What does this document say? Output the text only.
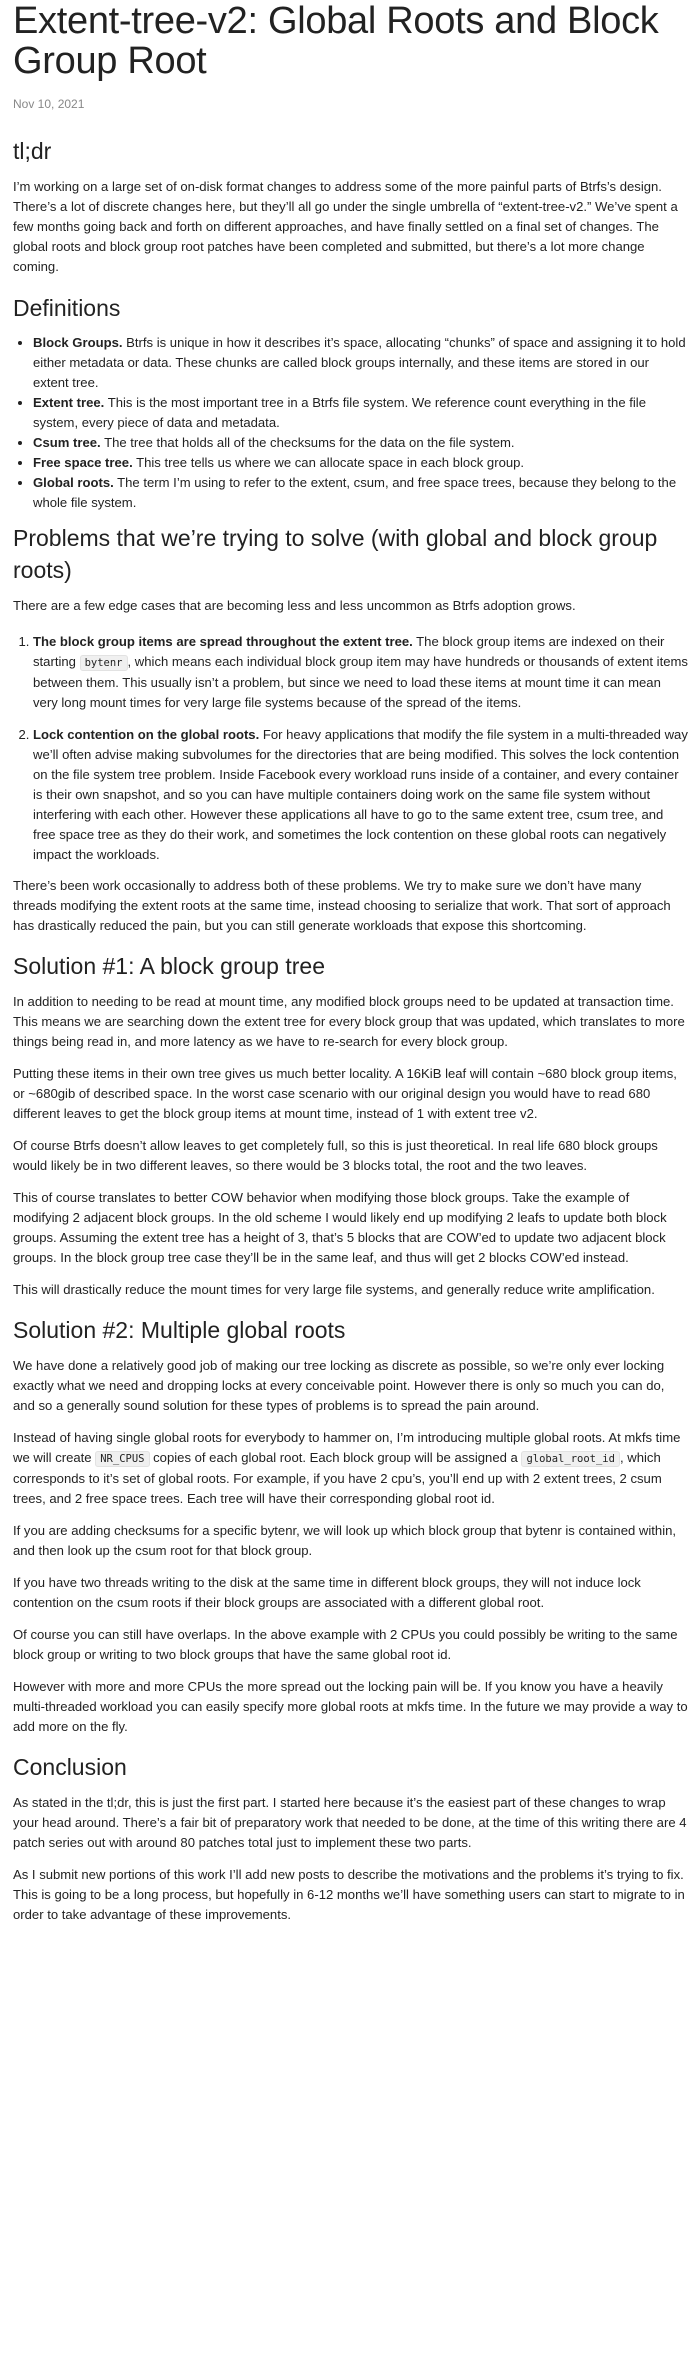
Extent-tree-v2: Global Roots and Block Group Root
Nov 10, 2021
tl;dr

I’m working on a large set of on-disk format changes to address some of the more painful parts of Btrfs’s design. There’s a lot of discrete changes here, but they’ll all go under the single umbrella of “extent-tree-v2.” We’ve spent a few months going back and forth on different approaches, and have finally settled on a final set of changes. The global roots and block group root patches have been completed and submitted, but there’s a lot more change coming.

Definitions
• Block Groups. Btrfs is unique in how it describes it’s space, allocating “chunks” of space and assigning it to hold either metadata or data. These chunks are called block groups internally, and these items are stored in our extent tree.
• Extent tree. This is the most important tree in a Btrfs file system. We reference count everything in the file system, every piece of data and metadata.
• Csum tree. The tree that holds all of the checksums for the data on the file system.
• Free space tree. This tree tells us where we can allocate space in each block group.
• Global roots. The term I’m using to refer to the extent, csum, and free space trees, because they belong to the whole file system.
Problems that we’re trying to solve (with global and block group roots)

There are a few edge cases that are becoming less and less uncommon as Btrfs adoption grows.

1. The block group items are spread throughout the extent tree. The block group items are indexed on their starting bytenr , which means each individual block group item may have hundreds or thousands of extent items between them. This usually isn’t a problem, but since we need to load these items at mount time it can mean very long mount times for very large file systems because of the spread of the items.
2. Lock contention on the global roots. For heavy applications that modify the file system in a multi-threaded way we’ll often advise making subvolumes for the directories that are being modified. This solves the lock contention on the file system tree problem. Inside Facebook every workload runs inside of a container, and every container is their own snapshot, and so you can have multiple containers doing work on the same file system without interfering with each other. However these applications all have to go to the same extent tree, csum tree, and free space tree as they do their work, and sometimes the lock contention on these global roots can negatively impact the workloads.

There’s been work occasionally to address both of these problems. We try to make sure we don’t have many threads modifying the extent roots at the same time, instead choosing to serialize that work. That sort of approach has drastically reduced the pain, but you can still generate workloads that expose this shortcoming.

Solution #1: A block group tree

In addition to needing to be read at mount time, any modified block groups need to be updated at transaction time. This means we are searching down the extent tree for every block group that was updated, which translates to more things being read in, and more latency as we have to re-search for every block group.

Putting these items in their own tree gives us much better locality. A 16KiB leaf will contain ~680 block group items, or ~680gib of described space. In the worst case scenario with our original design you would have to read 680 different leaves to get the block group items at mount time, instead of 1 with extent tree v2.

Of course Btrfs doesn’t allow leaves to get completely full, so this is just theoretical. In real life 680 block groups would likely be in two different leaves, so there would be 3 blocks total, the root and the two leaves.

This of course translates to better COW behavior when modifying those block groups. Take the example of modifying 2 adjacent block groups. In the old scheme I would likely end up modifying 2 leafs to update both block groups. Assuming the extent tree has a height of 3, that’s 5 blocks that are COW’ed to update two adjacent block groups. In the block group tree case they’ll be in the same leaf, and thus will get 2 blocks COW’ed instead.

This will drastically reduce the mount times for very large file systems, and generally reduce write amplification.

Solution #2: Multiple global roots

We have done a relatively good job of making our tree locking as discrete as possible, so we’re only ever locking exactly what we need and dropping locks at every conceivable point. However there is only so much you can do, and so a generally sound solution for these types of problems is to spread the pain around.

Instead of having single global roots for everybody to hammer on, I’m introducing multiple global roots. At mkfs time we will create NR_CPUS copies of each global root. Each block group will be assigned a global_root_id , which corresponds to it’s set of global roots. For example, if you have 2 cpu’s, you’ll end up with 2 extent trees, 2 csum trees, and 2 free space trees. Each tree will have their corresponding global root id.

If you are adding checksums for a specific bytenr, we will look up which block group that bytenr is contained within, and then look up the csum root for that block group.

If you have two threads writing to the disk at the same time in different block groups, they will not induce lock contention on the csum roots if their block groups are associated with a different global root.

Of course you can still have overlaps. In the above example with 2 CPUs you could possibly be writing to the same block group or writing to two block groups that have the same global root id.

However with more and more CPUs the more spread out the locking pain will be. If you know you have a heavily multi-threaded workload you can easily specify more global roots at mkfs time. In the future we may provide a way to add more on the fly.

Conclusion

As stated in the tl;dr, this is just the first part. I started here because it’s the easiest part of these changes to wrap your head around. There’s a fair bit of preparatory work that needed to be done, at the time of this writing there are 4 patch series out with around 80 patches total just to implement these two parts.

As I submit new portions of this work I’ll add new posts to describe the motivations and the problems it’s trying to fix. This is going to be a long process, but hopefully in 6-12 months we’ll have something users can start to migrate to in order to take advantage of these improvements.
